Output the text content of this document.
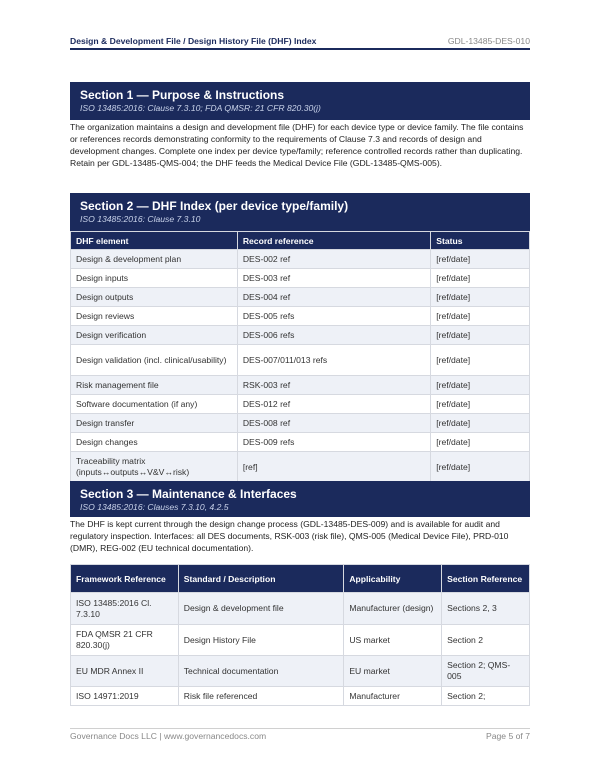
Design & Development File / Design History File (DHF) Index	GDL-13485-DES-010
Section 1 — Purpose & Instructions
ISO 13485:2016: Clause 7.3.10; FDA QMSR: 21 CFR 820.30(j)
The organization maintains a design and development file (DHF) for each device type or device family. The file contains or references records demonstrating conformity to the requirements of Clause 7.3 and records of design and development changes. Complete one index per device type/family; reference controlled records rather than duplicating. Retain per GDL-13485-QMS-004; the DHF feeds the Medical Device File (GDL-13485-QMS-005).
Section 2 — DHF Index (per device type/family)
ISO 13485:2016: Clause 7.3.10
DHF element	Record reference	Status
Design & development plan	DES-002 ref	[ref/date]
Design inputs	DES-003 ref	[ref/date]
Design outputs	DES-004 ref	[ref/date]
Design reviews	DES-005 refs	[ref/date]
Design verification	DES-006 refs	[ref/date]
Design validation (incl. clinical/usability)	DES-007/011/013 refs	[ref/date]
Risk management file	RSK-003 ref	[ref/date]
Software documentation (if any)	DES-012 ref	[ref/date]
Design transfer	DES-008 ref	[ref/date]
Design changes	DES-009 refs	[ref/date]
Traceability matrix (inputs↔outputs↔V&V↔risk)	[ref]	[ref/date]
Section 3 — Maintenance & Interfaces
ISO 13485:2016: Clauses 7.3.10, 4.2.5
The DHF is kept current through the design change process (GDL-13485-DES-009) and is available for audit and regulatory inspection. Interfaces: all DES documents, RSK-003 (risk file), QMS-005 (Medical Device File), PRD-010 (DMR), REG-002 (EU technical documentation).
Framework Reference	Standard / Description	Applicability	Section Reference
ISO 13485:2016 Cl. 7.3.10	Design & development file	Manufacturer (design)	Sections 2, 3
FDA QMSR 21 CFR 820.30(j)	Design History File	US market	Section 2
EU MDR Annex II	Technical documentation	EU market	Section 2; QMS-005
ISO 14971:2019	Risk file referenced	Manufacturer	Section 2;
Governance Docs LLC | www.governancedocs.com	Page 5 of 7
